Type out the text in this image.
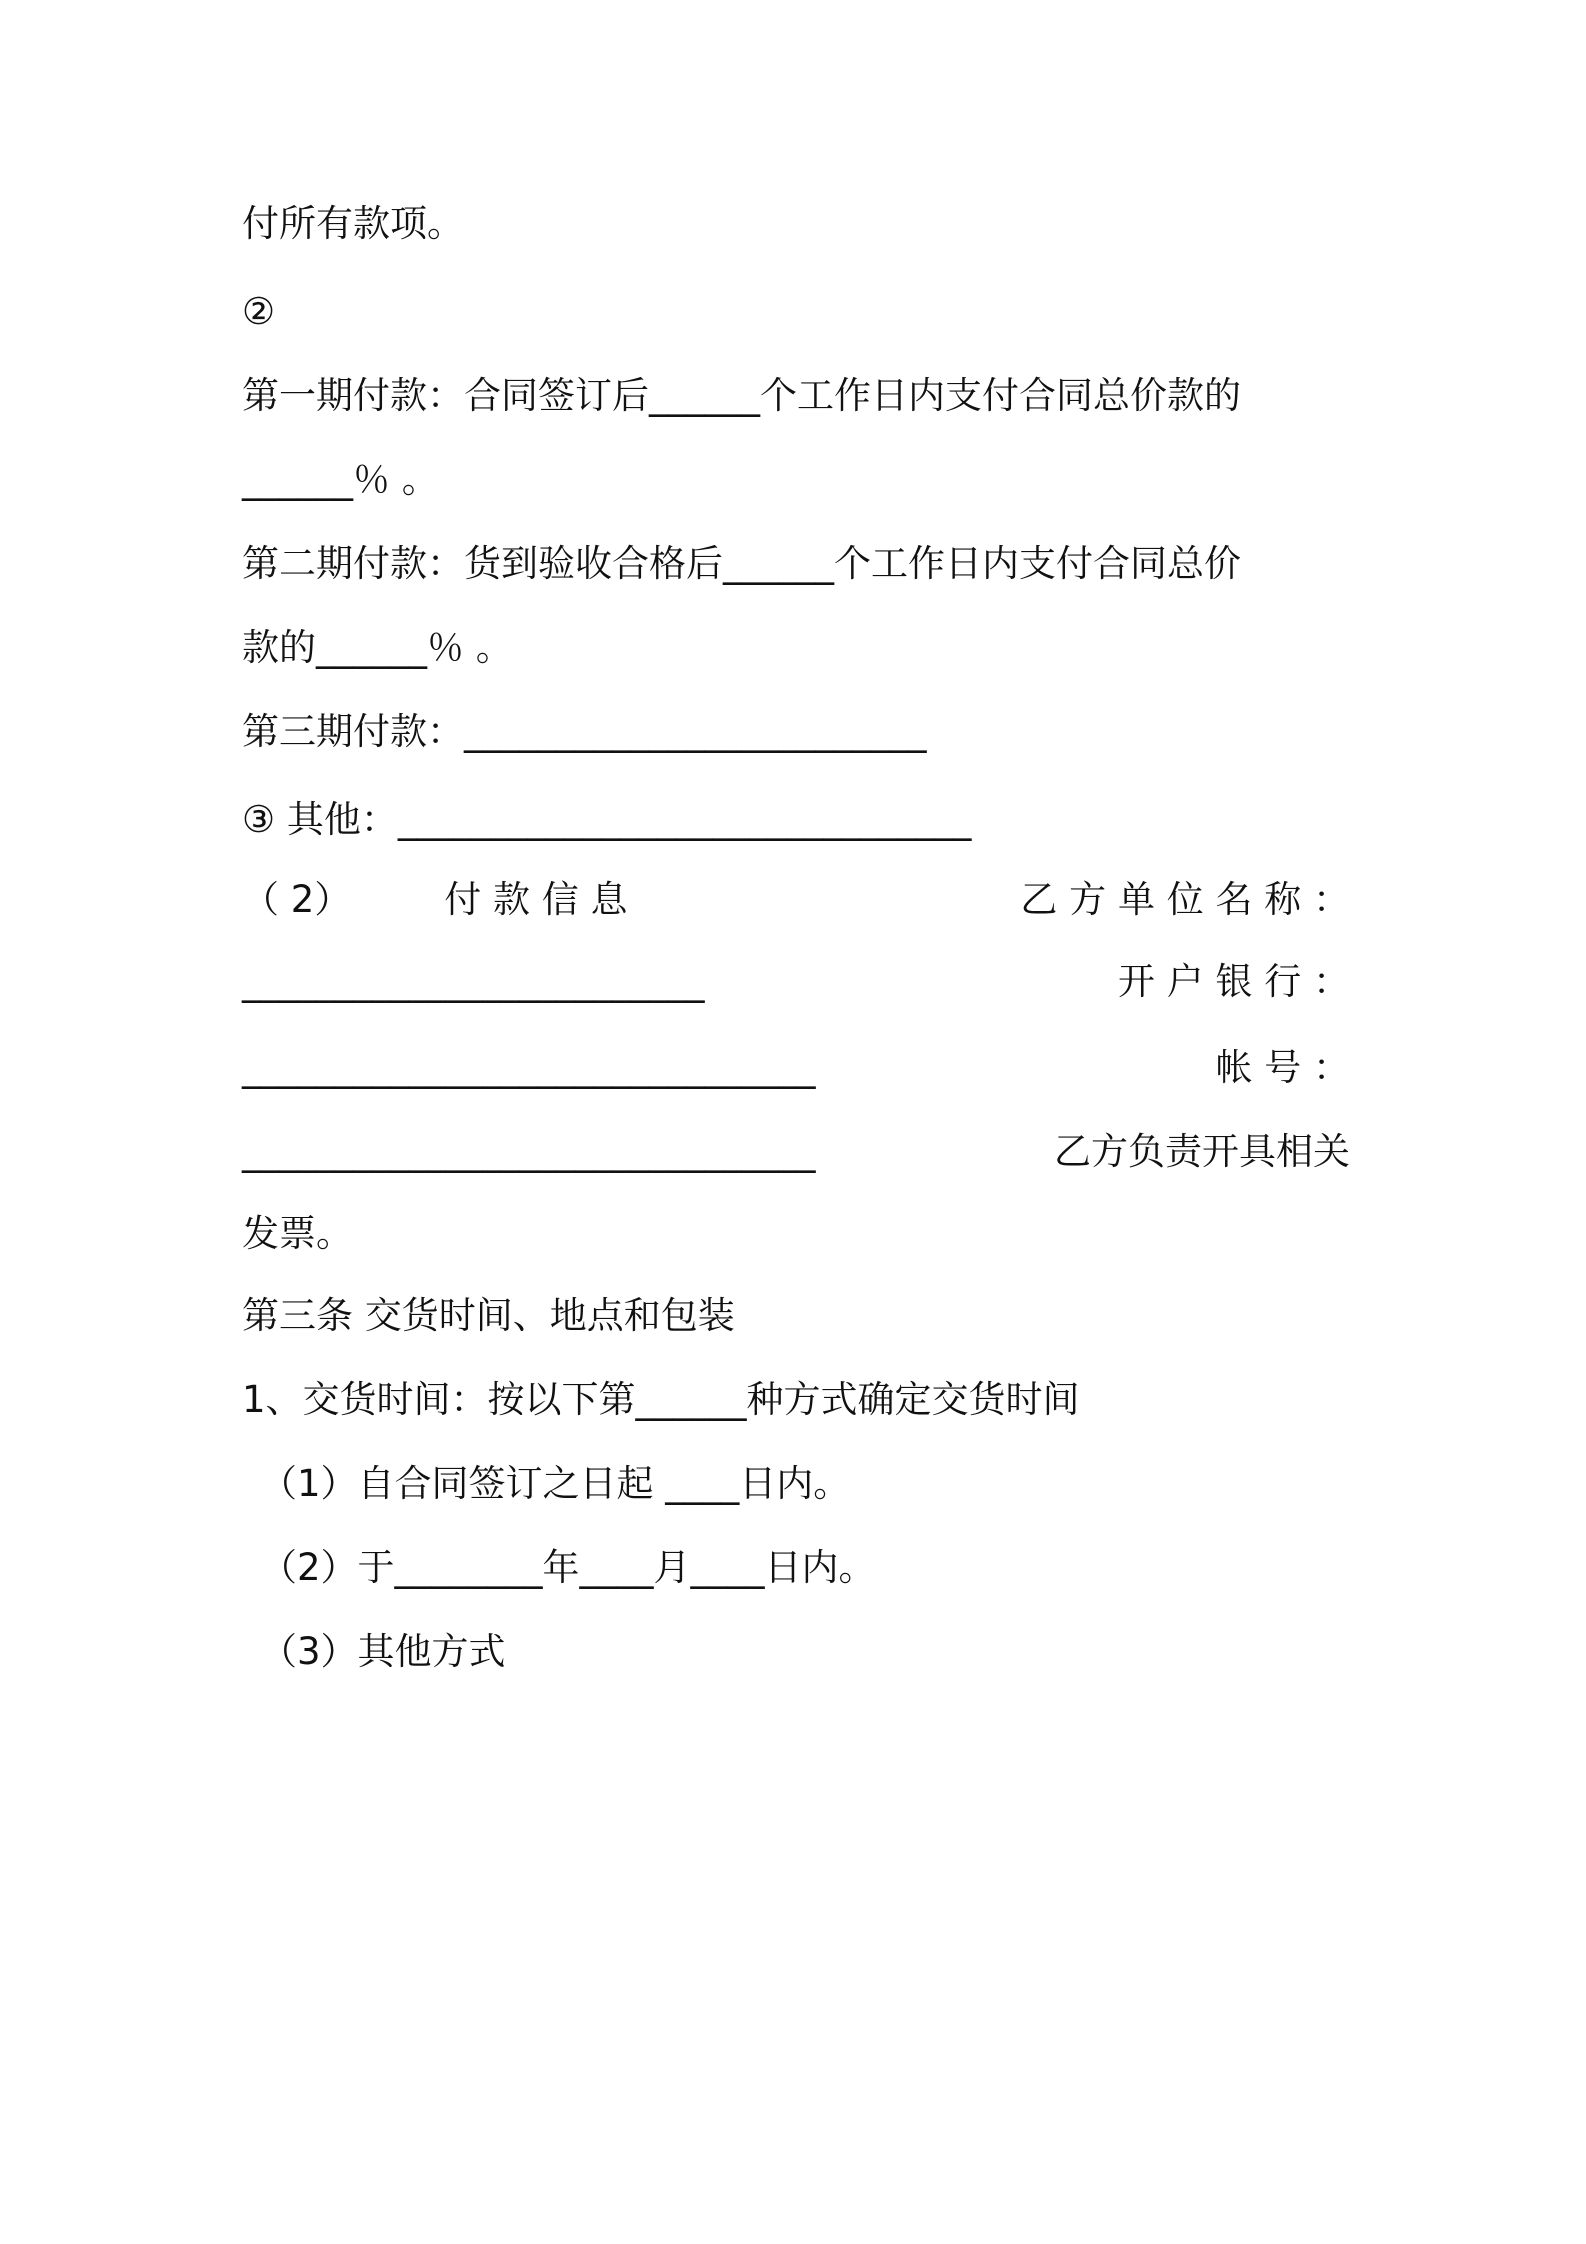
付所有款项。
②
第一期付款：合同签订后______个工作日内支付合同总价款的
______％ 。
第二期付款：货到验收合格后______个工作日内支付合同总价
款的______％ 。
第三期付款：_________________________
③ 其他：_______________________________
（ 2）	付 款 信 息	乙 方 单 位 名 称 ：
_________________________	开 户 银 行 ：
_______________________________	帐 号 ：
_______________________________	乙方负责开具相关
发票。
第三条 交货时间、地点和包装
1、交货时间：按以下第______种方式确定交货时间
（1）自合同签订之日起 ____日内。
（2）于________年____月____日内。
（3）其他方式
